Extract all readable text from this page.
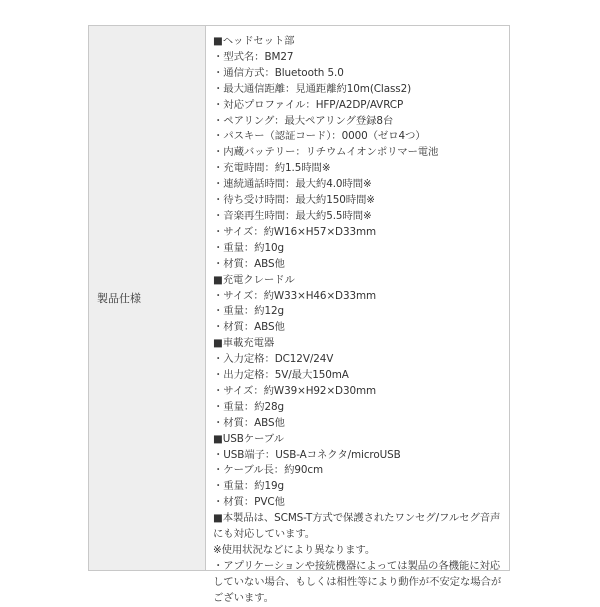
製品仕様
■ヘッドセット部
・型式名：BM27
・通信方式：Bluetooth 5.0
・最大通信距離：見通距離約10m(Class2)
・対応プロファイル：HFP/A2DP/AVRCP
・ペアリング：最大ペアリング登録8台
・パスキー（認証コード）：0000（ゼロ4つ）
・内蔵バッテリー：リチウムイオンポリマー電池
・充電時間：約1.5時間※
・連続通話時間：最大約4.0時間※
・待ち受け時間：最大約150時間※
・音楽再生時間：最大約5.5時間※
・サイズ：約W16×H57×D33mm
・重量：約10g
・材質：ABS他
■充電クレードル
・サイズ：約W33×H46×D33mm
・重量：約12g
・材質：ABS他
■車載充電器
・入力定格：DC12V/24V
・出力定格：5V/最大150mA
・サイズ：約W39×H92×D30mm
・重量：約28g
・材質：ABS他
■USBケーブル
・USB端子：USB-Aコネクタ/microUSB
・ケーブル長：約90cm
・重量：約19g
・材質：PVC他
■本製品は、SCMS-T方式で保護されたワンセグ/フルセグ音声にも対応しています。
※使用状況などにより異なります。
・アプリケーションや接続機器によっては製品の各機能に対応していない場合、もしくは相性等により動作が不安定な場合がございます。
